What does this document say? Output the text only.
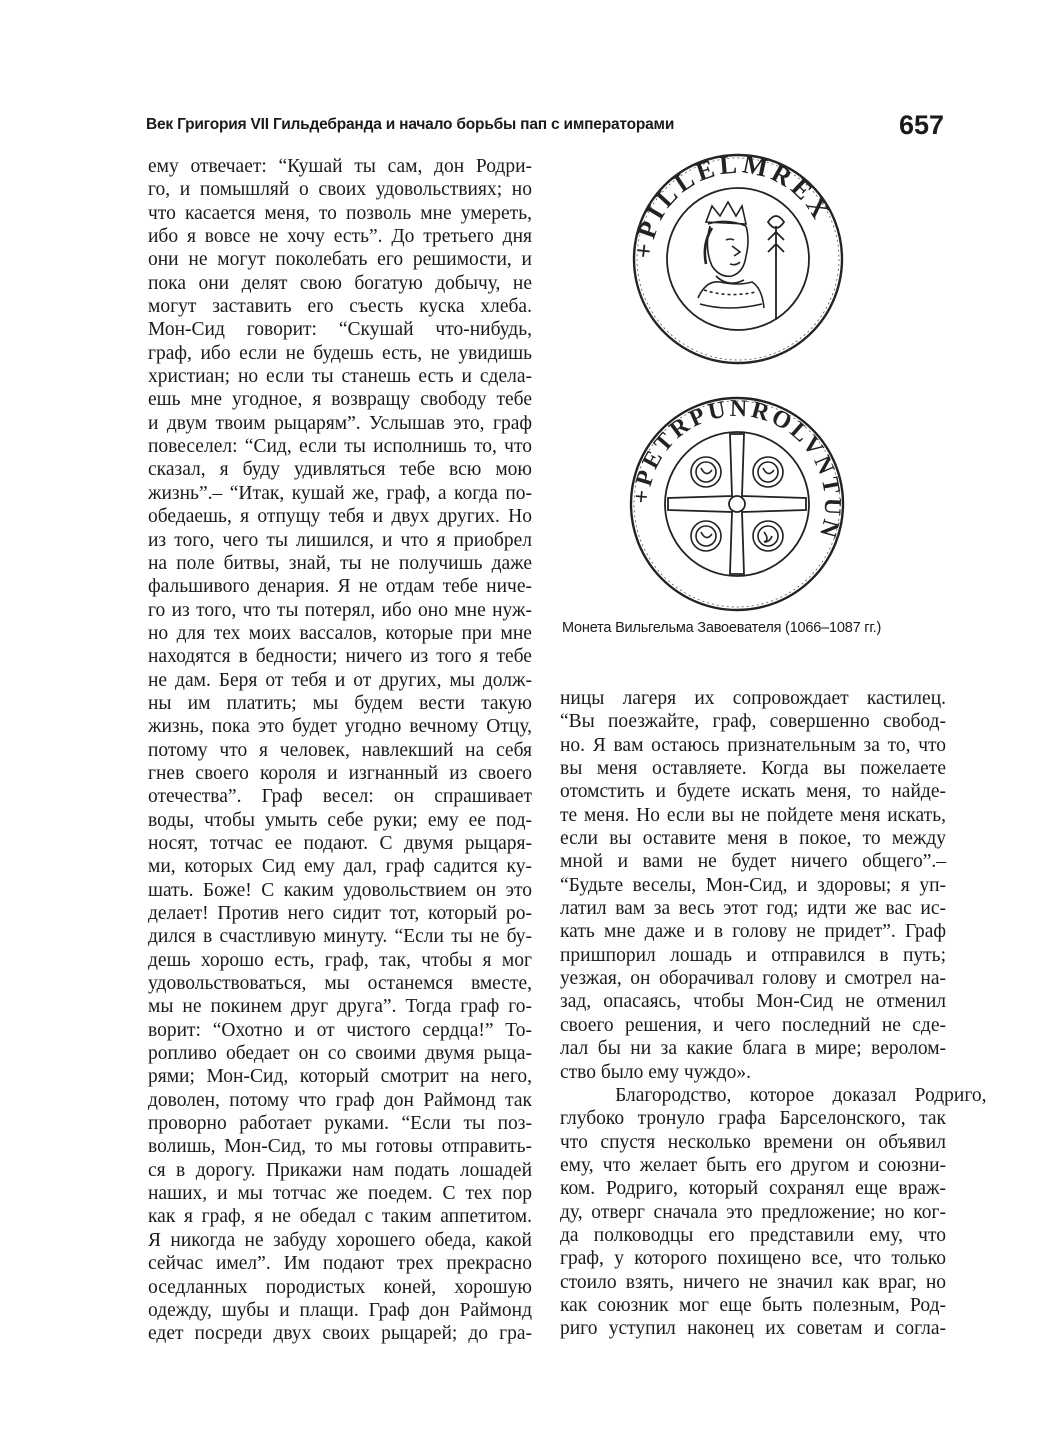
Век Григория VII Гильдебранда и начало борьбы пап с императорами	657
ему отвечает: “Кушай ты сам, дон Родри-
го, и помышляй о своих удовольствиях; но
что касается меня, то позволь мне умереть,
ибо я вовсе не хочу есть”. До третьего дня
они не могут поколебать его решимости, и
пока они делят свою богатую добычу, не
могут заставить его съесть куска хлеба.
Мон-Сид говорит: “Скушай что-нибудь,
граф, ибо если не будешь есть, не увидишь
христиан; но если ты станешь есть и сдела-
ешь мне угодное, я возвращу свободу тебе
и двум твоим рыцарям”. Услышав это, граф
повеселел: “Сид, если ты исполнишь то, что
сказал, я буду удивляться тебе всю мою
жизнь”.– “Итак, кушай же, граф, а когда по-
обедаешь, я отпущу тебя и двух других. Но
из того, чего ты лишился, и что я приобрел
на поле битвы, знай, ты не получишь даже
фальшивого денария. Я не отдам тебе ниче-
го из того, что ты потерял, ибо оно мне нуж-
но для тех моих вассалов, которые при мне
находятся в бедности; ничего из того я тебе
не дам. Беря от тебя и от других, мы долж-
ны им платить; мы будем вести такую
жизнь, пока это будет угодно вечному Отцу,
потому что я человек, навлекший на себя
гнев своего короля и изгнанный из своего
отечества”. Граф весел: он спрашивает
воды, чтобы умыть себе руки; ему ее под-
носят, тотчас ее подают. С двумя рыцаря-
ми, которых Сид ему дал, граф садится ку-
шать. Боже! С каким удовольствием он это
делает! Против него сидит тот, который ро-
дился в счастливую минуту. “Если ты не бу-
дешь хорошо есть, граф, так, чтобы я мог
удовольствоваться, мы останемся вместе,
мы не покинем друг друга”. Тогда граф го-
ворит: “Охотно и от чистого сердца!” То-
ропливо обедает он со своими двумя рыца-
рями; Мон-Сид, который смотрит на него,
доволен, потому что граф дон Раймонд так
проворно работает руками. “Если ты поз-
волишь, Мон-Сид, то мы готовы отправить-
ся в дорогу. Прикажи нам подать лошадей
наших, и мы тотчас же поедем. С тех пор
как я граф, я не обедал с таким аппетитом.
Я никогда не забуду хорошего обеда, какой
сейчас имел”. Им подают трех прекрасно
оседланных породистых коней, хорошую
одежду, шубы и плащи. Граф дон Раймонд
едет посреди двух своих рыцарей; до гра-
+PILLELMREX
+PETRPUNROLVNTUN
Монета Вильгельма Завоевателя (1066–1087 гг.)
ницы лагеря их сопровождает кастилец.
“Вы поезжайте, граф, совершенно свобод-
но. Я вам остаюсь признательным за то, что
вы меня оставляете. Когда вы пожелаете
отомстить и будете искать меня, то найде-
те меня. Но если вы не пойдете меня искать,
если вы оставите меня в покое, то между
мной и вами не будет ничего общего”.–
“Будьте веселы, Мон-Сид, и здоровы; я уп-
латил вам за весь этот год; идти же вас ис-
кать мне даже и в голову не придет”. Граф
пришпорил лошадь и отправился в путь;
уезжая, он оборачивал голову и смотрел на-
зад, опасаясь, чтобы Мон-Сид не отменил
своего решения, и чего последний не сде-
лал бы ни за какие блага в мире; веролом-
ство было ему чуждо».
Благородство, которое доказал Родриго,
глубоко тронуло графа Барселонского, так
что спустя несколько времени он объявил
ему, что желает быть его другом и союзни-
ком. Родриго, который сохранял еще враж-
ду, отверг сначала это предложение; но ког-
да полководцы его представили ему, что
граф, у которого похищено все, что только
стоило взять, ничего не значил как враг, но
как союзник мог еще быть полезным, Род-
риго уступил наконец их советам и согла-
